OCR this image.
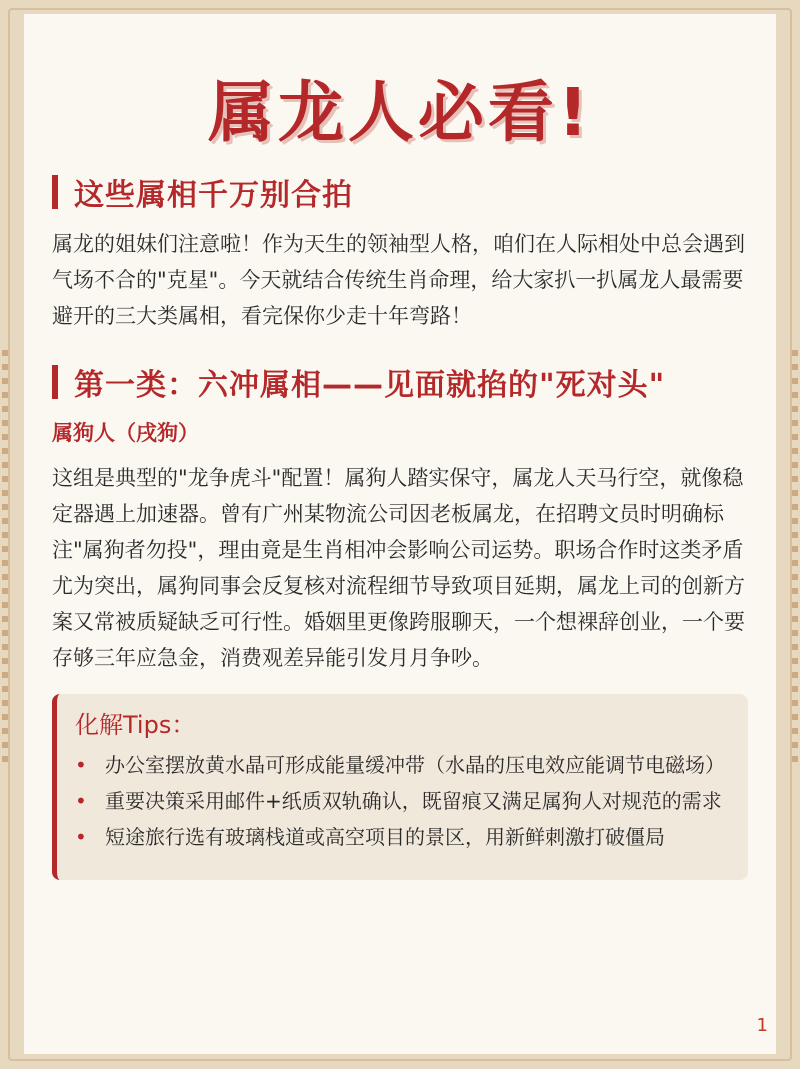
属龙人必看!
这些属相千万别合拍

属龙的姐妹们注意啦！作为天生的领袖型人格，咱们在人际相处中总会遇到气场不合的"克星"。今天就结合传统生肖命理，给大家扒一扒属龙人最需要避开的三大类属相，看完保你少走十年弯路！

第一类：六冲属相——见面就掐的"死对头"

属狗人（戌狗）

这组是典型的"龙争虎斗"配置！属狗人踏实保守，属龙人天马行空，就像稳定器遇上加速器。曾有广州某物流公司因老板属龙，在招聘文员时明确标注"属狗者勿投"，理由竟是生肖相冲会影响公司运势。职场合作时这类矛盾尤为突出，属狗同事会反复核对流程细节导致项目延期，属龙上司的创新方案又常被质疑缺乏可行性。婚姻里更像跨服聊天，一个想裸辞创业，一个要存够三年应急金，消费观差异能引发月月争吵。

化解Tips：
• 办公室摆放黄水晶可形成能量缓冲带（水晶的压电效应能调节电磁场）
• 重要决策采用邮件+纸质双轨确认，既留痕又满足属狗人对规范的需求
• 短途旅行选有玻璃栈道或高空项目的景区，用新鲜刺激打破僵局
1
